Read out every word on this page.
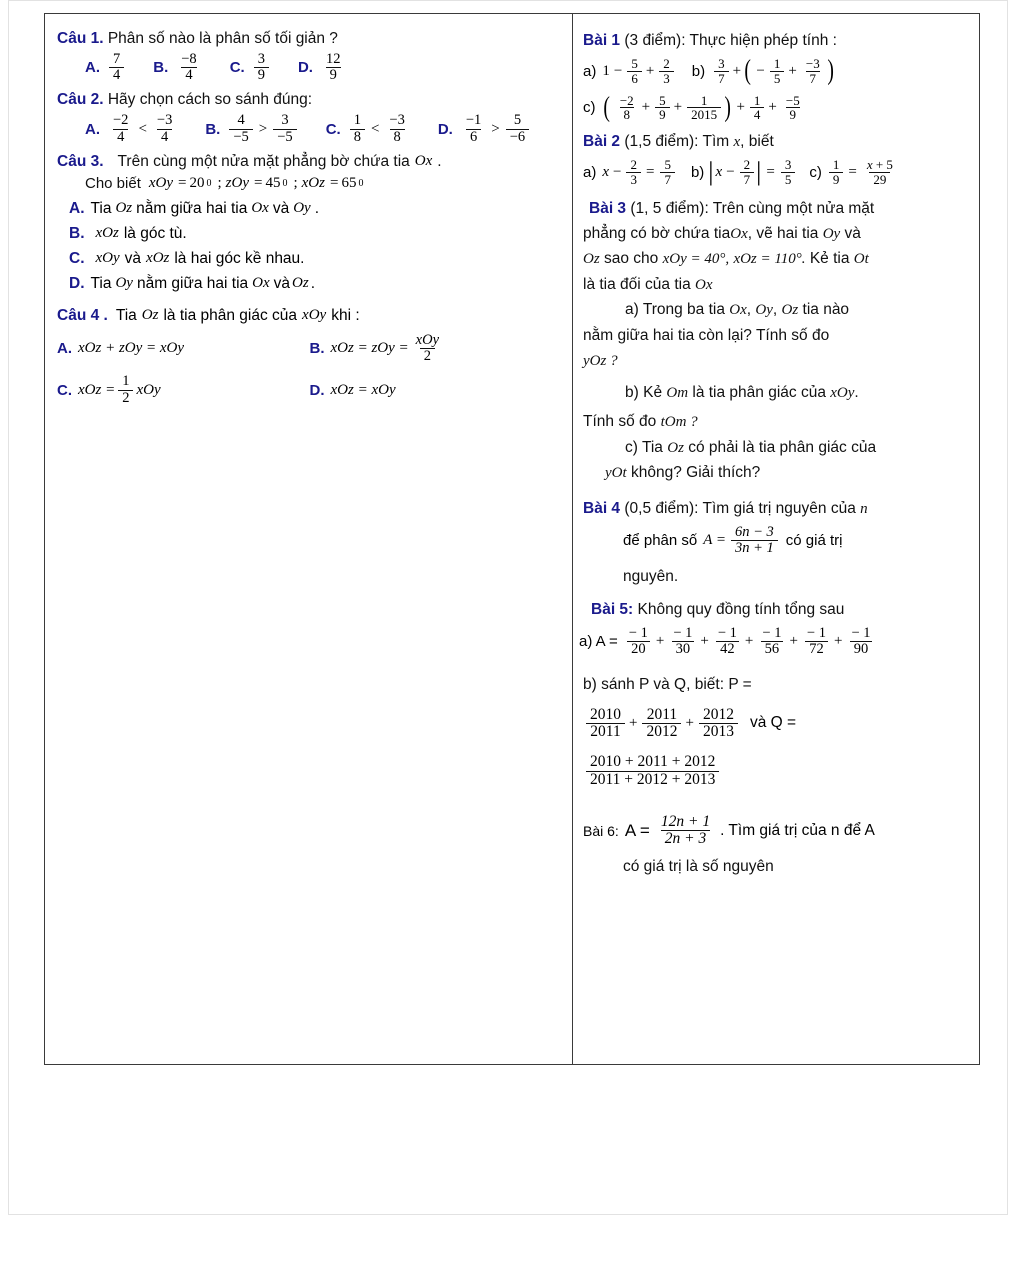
Câu 1. Phân số nào là phân số tối giản ?
A. $\frac{7}{4} B$. $\frac{-8}{4} C$. $\frac{3}{9} D$. $\frac{12}{9}$
Câu 2. Hãy chọn cách so sánh đúng:
A. $\frac{-2}{4} < \frac{-3}{4} B$. $\frac{4}{-5} > \frac{3}{-5} C$. $\frac{1}{8} < \frac{-3}{8} D$. $\frac{-1}{6} > \frac{5}{-6}$
Câu 3. Trên cùng một nửa mặt phẳng bờ chứa tia Ox .
Cho biết xOy = 20 0 ; zOy = 45 0 ; xOz = 65 0
A. Tia Oz nằm giữa hai tia Ox và Oy .
B. xOz là góc tù.
C. xOy và xOz là hai góc kề nhau.
D. Tia Oy nằm giữa hai tia Ox và Oz .
Câu 4 . Tia Oz là tia phân giác của xOy khi :
A. xOz + zOy = xOy	B. xOz = zOy = $\frac{\text{xOy}}{2}$
C. xOz = $\frac{1}{2}$ xOy	D. xOz = xOy
Bài 1 (3 điểm): Thực hiện phép tính :
a) $1 - \frac{5}{6} + \frac{2}{3} b) \frac{3}{7}$ + ( − $\frac{1}{5} + \frac{-3}{7}$ )
c) ( $\frac{-2}{8} + \frac{5}{9} + \frac{1}{2015}$ ) + $\frac{1}{4} + \frac{-5}{9}$
Bài 2 (1,5 điểm): Tìm x, biết
a) $x - \frac{2}{3} = \frac{5}{7} b$) | $x - \frac{2}{7}$ | = $\frac{3}{5} c) \frac{1}{9} = \frac{x + 5}{29}$
Bài 3 (1, 5 điểm): Trên cùng một nửa mặt
phẳng có bờ chứa tiaOx, vẽ hai tia Oy và
Oz sao cho xOy = 40°, xOz = 110°. Kẻ tia Ot
là tia đối của tia Ox
a) Trong ba tia Ox, Oy, Oz tia nào
nằm giữa hai tia còn lại? Tính số đo
yOz ?
b) Kẻ Om là tia phân giác của xOy.
Tính số đo tOm ?
c) Tia Oz có phải là tia phân giác của
yOt không? Giải thích?
Bài 4 (0,5 điểm): Tìm giá trị nguyên của n
để phân số $A = \frac{6n - 3}{3n + 1}$ có giá trị
nguyên.
Bài 5: Không quy đồng tính tổng sau
a) $A = \frac{- 1}{20} + \frac{- 1}{30} + \frac{- 1}{42} + \frac{- 1}{56} + \frac{- 1}{72} + \frac{- 1}{90}$
b) sánh P và Q, biết: P =
$\frac{2010}{2011} + \frac{2011}{2012} + \frac{2012}{2013}$ và Q =
$\frac{2010 + 2011 + 2012}{2011 + 2012 + 2013}$
Bài 6: $A = \frac{12n + 1}{2n + 3}$ . Tìm giá trị của n để A
có giá trị là số nguyên
